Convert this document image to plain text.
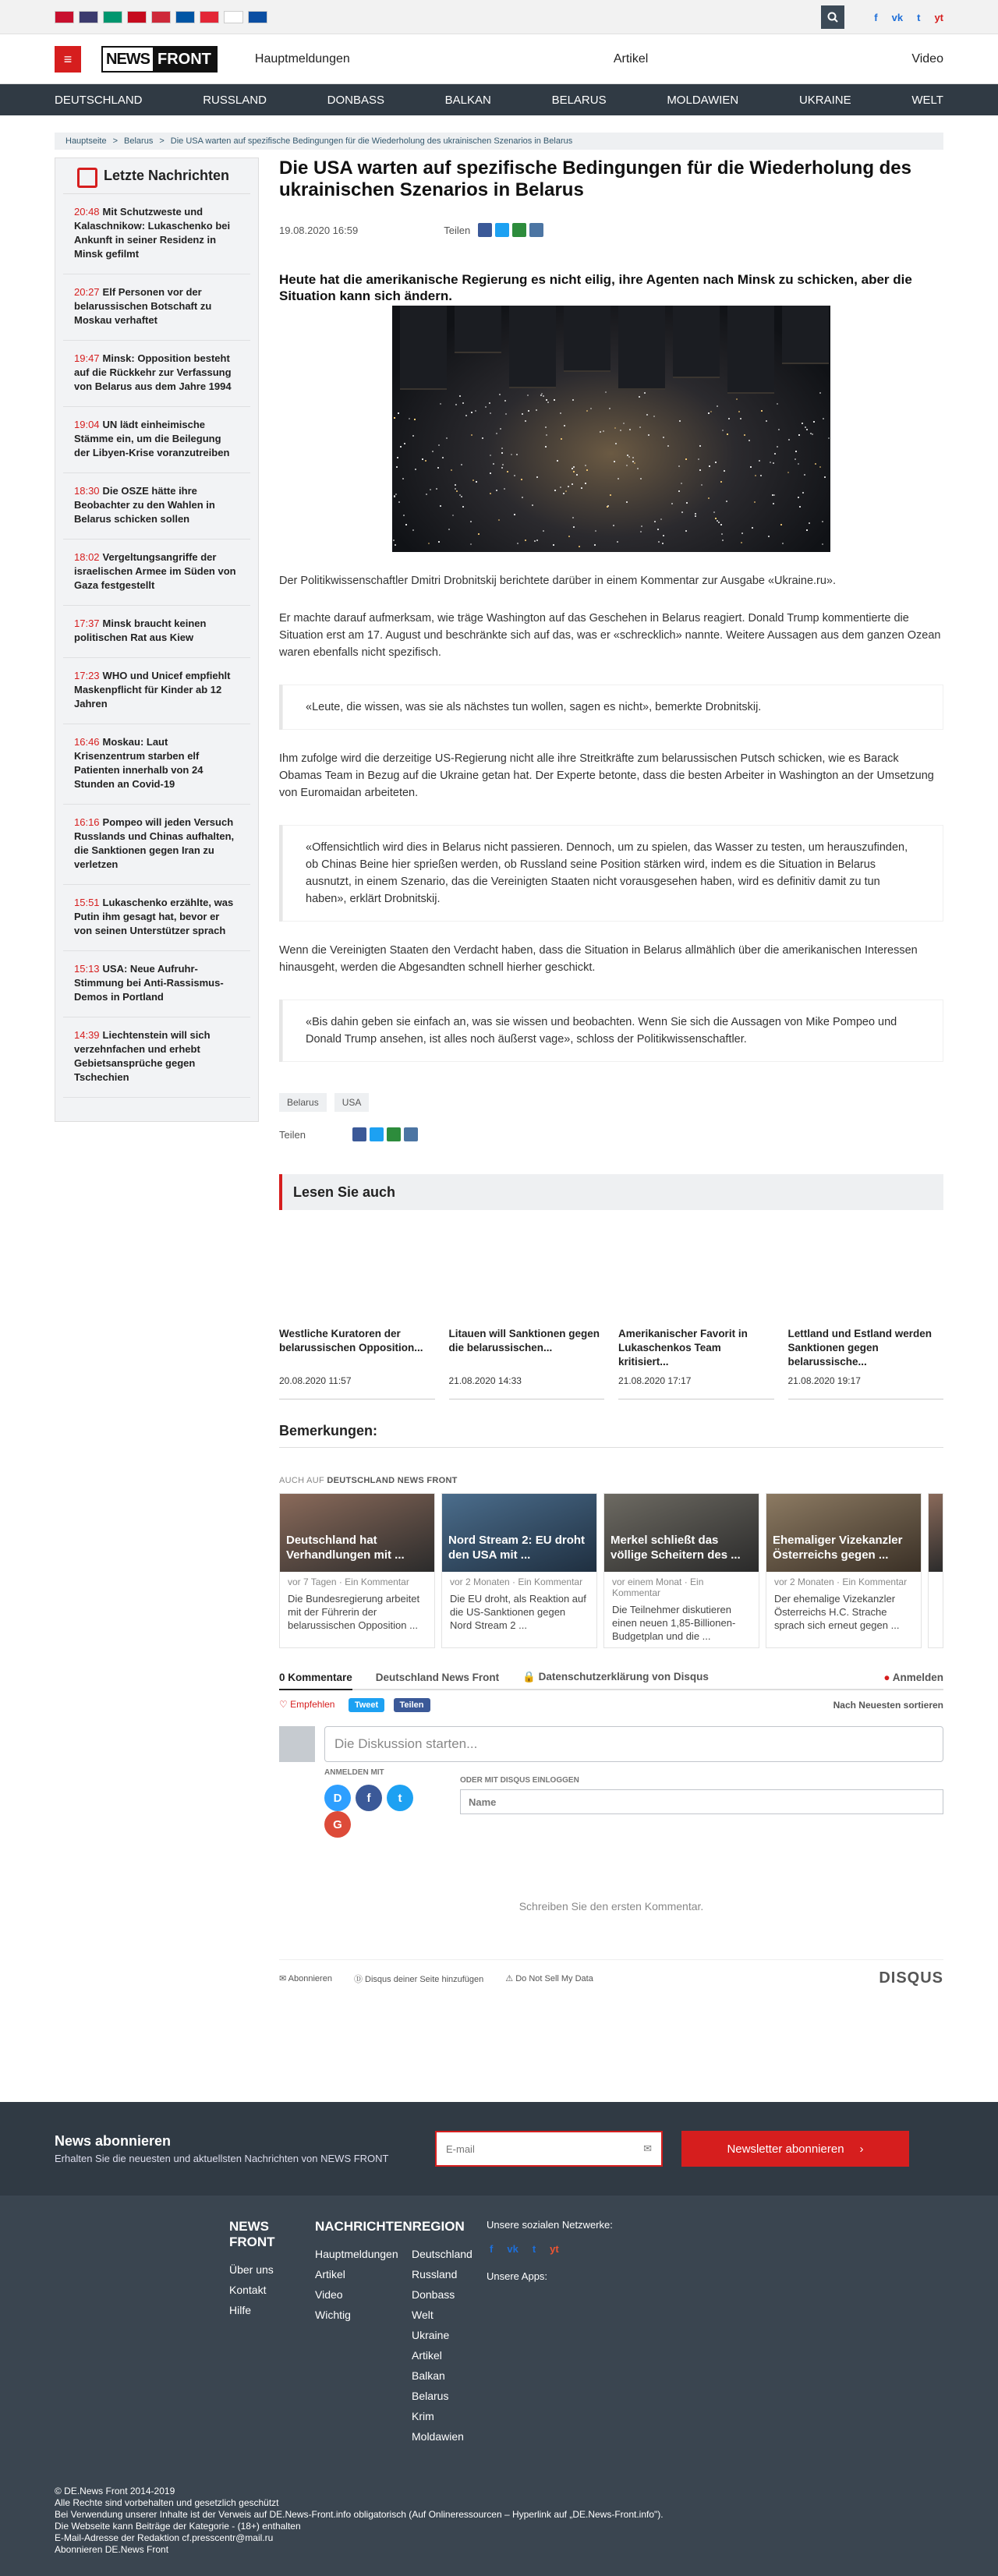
f vk t yt
≡	NEWS FRONT	Hauptmeldungen	Artikel	Video
DEUTSCHLAND	RUSSLAND	DONBASS	BALKAN	BELARUS	MOLDAWIEN	UKRAINE	WELT
Hauptseite > Belarus > Die USA warten auf spezifische Bedingungen für die Wiederholung des ukrainischen Szenarios in Belarus
Letzte Nachrichten
20:48 Mit Schutzweste und Kalaschnikow: Lukaschenko bei Ankunft in seiner Residenz in Minsk gefilmt
20:27 Elf Personen vor der belarussischen Botschaft zu Moskau verhaftet
19:47 Minsk: Opposition besteht auf die Rückkehr zur Verfassung von Belarus aus dem Jahre 1994
19:04 UN lädt einheimische Stämme ein, um die Beilegung der Libyen-Krise voranzutreiben
18:30 Die OSZE hätte ihre Beobachter zu den Wahlen in Belarus schicken sollen
18:02 Vergeltungsangriffe der israelischen Armee im Süden von Gaza festgestellt
17:37 Minsk braucht keinen politischen Rat aus Kiew
17:23 WHO und Unicef empfiehlt Maskenpflicht für Kinder ab 12 Jahren
16:46 Moskau: Laut Krisenzentrum starben elf Patienten innerhalb von 24 Stunden an Covid-19
16:16 Pompeo will jeden Versuch Russlands und Chinas aufhalten, die Sanktionen gegen Iran zu verletzen
15:51 Lukaschenko erzählte, was Putin ihm gesagt hat, bevor er von seinen Unterstützer sprach
15:13 USA: Neue Aufruhr-Stimmung bei Anti-Rassismus-Demos in Portland
14:39 Liechtenstein will sich verzehnfachen und erhebt Gebietsansprüche gegen Tschechien
Die USA warten auf spezifische Bedingungen für die Wiederholung des ukrainischen Szenarios in Belarus
19.08.2020 16:59	Teilen
Heute hat die amerikanische Regierung es nicht eilig, ihre Agenten nach Minsk zu schicken, aber die Situation kann sich ändern.

Der Politikwissenschaftler Dmitri Drobnitskij berichtete darüber in einem Kommentar zur Ausgabe «Ukraine.ru».

Er machte darauf aufmerksam, wie träge Washington auf das Geschehen in Belarus reagiert. Donald Trump kommentierte die Situation erst am 17. August und beschränkte sich auf das, was er «schrecklich» nannte. Weitere Aussagen aus dem ganzen Ozean waren ebenfalls nicht spezifisch.

«Leute, die wissen, was sie als nächstes tun wollen, sagen es nicht», bemerkte Drobnitskij.

Ihm zufolge wird die derzeitige US-Regierung nicht alle ihre Streitkräfte zum belarussischen Putsch schicken, wie es Barack Obamas Team in Bezug auf die Ukraine getan hat. Der Experte betonte, dass die besten Arbeiter in Washington an der Umsetzung von Euromaidan arbeiteten.

«Offensichtlich wird dies in Belarus nicht passieren. Dennoch, um zu spielen, das Wasser zu testen, um herauszufinden, ob Chinas Beine hier sprießen werden, ob Russland seine Position stärken wird, indem es die Situation in Belarus ausnutzt, in einem Szenario, das die Vereinigten Staaten nicht vorausgesehen haben, wird es definitiv damit zu tun haben», erklärt Drobnitskij.

Wenn die Vereinigten Staaten den Verdacht haben, dass die Situation in Belarus allmählich über die amerikanischen Interessen hinausgeht, werden die Abgesandten schnell hierher geschickt.

«Bis dahin geben sie einfach an, was sie wissen und beobachten. Wenn Sie sich die Aussagen von Mike Pompeo und Donald Trump ansehen, ist alles noch äußerst vage», schloss der Politikwissenschaftler.
Belarus	USA
Teilen
Lesen Sie auch
Westliche Kuratoren der belarussischen Opposition...
20.08.2020 11:57
Litauen will Sanktionen gegen die belarussischen...
21.08.2020 14:33
Amerikanischer Favorit in Lukaschenkos Team kritisiert...
21.08.2020 17:17
Lettland und Estland werden Sanktionen gegen belarussische...
21.08.2020 19:17
Bemerkungen:
AUCH AUF DEUTSCHLAND NEWS FRONT
Deutschland hat Verhandlungen mit ...
vor 7 Tagen · Ein Kommentar
Die Bundesregierung arbeitet mit der Führerin der belarussischen Opposition ...
Nord Stream 2: EU droht den USA mit ...
vor 2 Monaten · Ein Kommentar
Die EU droht, als Reaktion auf die US-Sanktionen gegen Nord Stream 2 ...
Merkel schließt das völlige Scheitern des ...
vor einem Monat · Ein Kommentar
Die Teilnehmer diskutieren einen neuen 1,85-Billionen-Budgetplan und die ...
Ehemaliger Vizekanzler Österreichs gegen ...
vor 2 Monaten · Ein Kommentar
Der ehemalige Vizekanzler Österreichs H.C. Strache sprach sich erneut gegen ...
0 Kommentare Deutschland News Front 🔒 Datenschutzerklärung von Disqus	● Anmelden
♡ Empfehlen Tweet Teilen	Nach Neuesten sortieren
Die Diskussion starten...
ANMELDEN MIT
D f tG
ODER MIT DISQUS EINLOGGEN
Name
Schreiben Sie den ersten Kommentar.
✉ Abonnieren	Ⓓ Disqus deiner Seite hinzufügen	⚠ Do Not Sell My Data	DISQUS
News abonnieren

Erhalten Sie die neuesten und aktuellsten Nachrichten von NEWS FRONT

E-mail	✉	Newsletter abonnieren ›
NEWS FRONT
Über uns
Kontakt
Hilfe
NACHRICHTENREGION
Hauptmeldungen
Artikel
Video
Wichtig
Deutschland
Russland
Donbass
Welt
Ukraine
Artikel
Balkan
Belarus
Krim
Moldawien
Unsere sozialen Netzwerke:
f vk t yt
Unsere Apps:
© DE.News Front 2014-2019
Alle Rechte sind vorbehalten und gesetzlich geschützt
Bei Verwendung unserer Inhalte ist der Verweis auf DE.News-Front.info obligatorisch (Auf Onlineressourcen – Hyperlink auf „DE.News-Front.info").
Die Webseite kann Beiträge der Kategorie - (18+) enthalten
E-Mail-Adresse der Redaktion cf.presscentr@mail.ru
Abonnieren DE.News Front
